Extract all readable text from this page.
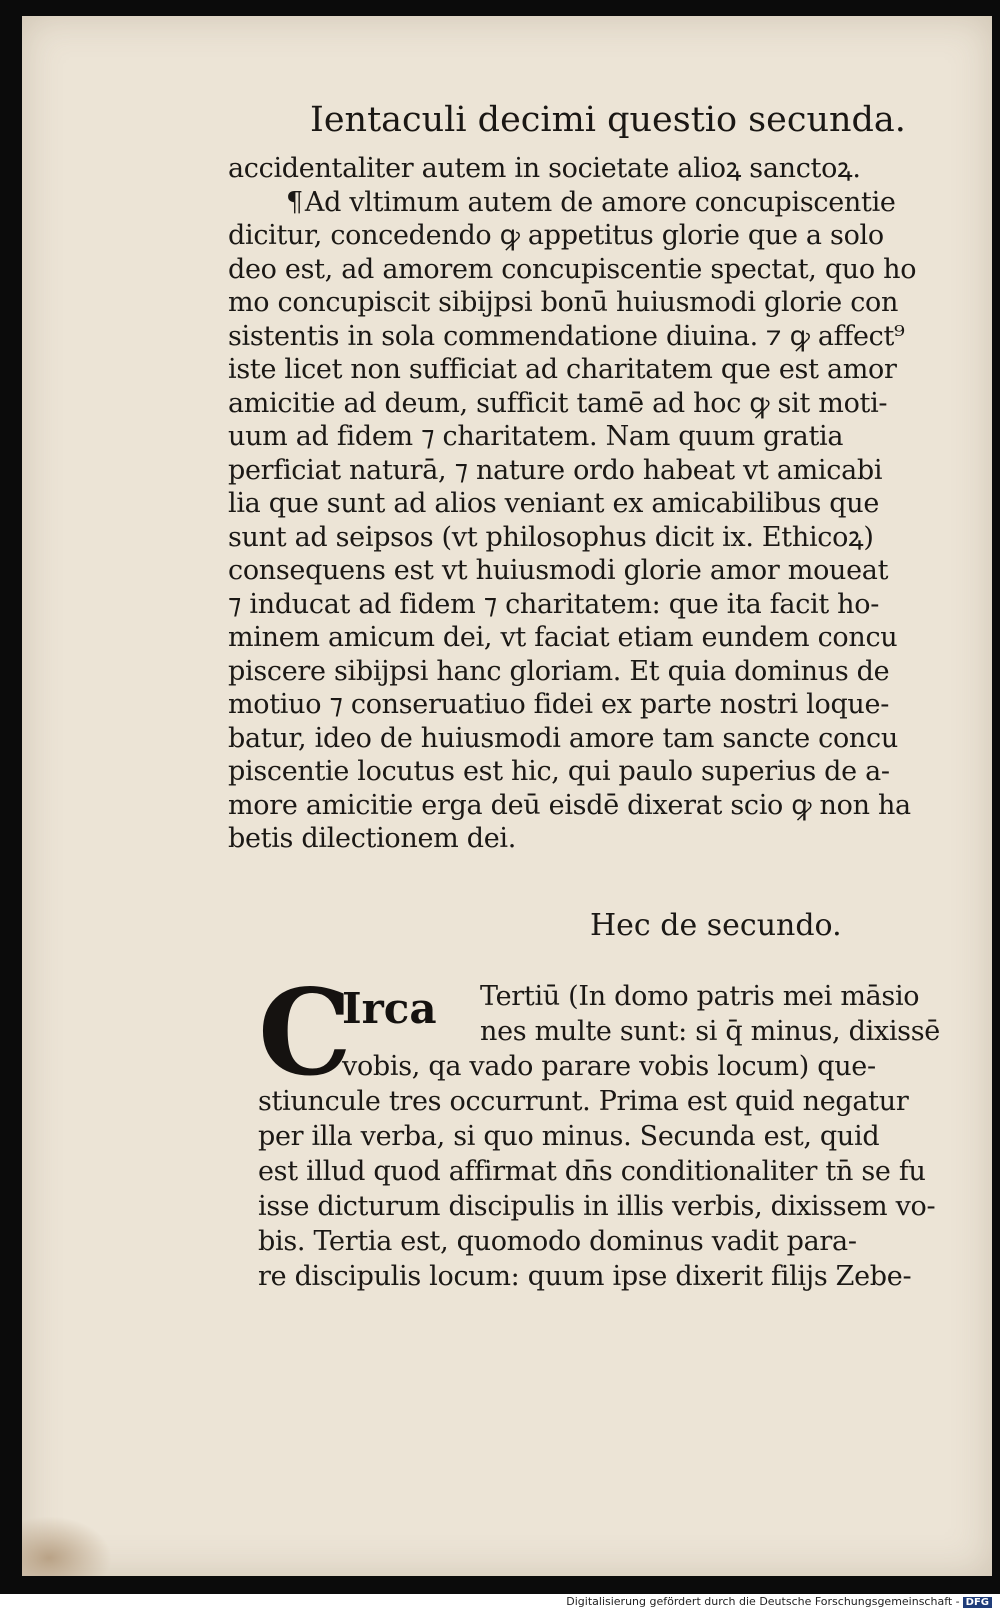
Ientaculi decimi questio secunda.
accidentaliter autem in societate alioꝝ sanctoꝝ.
¶Ad vltimum autem de amore concupiscentie
dicitur, concedendo ꝙ appetitus glorie que a solo
deo est, ad amorem concupiscentie spectat, quo ho
mo concupiscit sibijpsi bonū huiusmodi glorie con
sistentis in sola commendatione diuina. ⁊ ꝙ affect⁹
iste licet non sufficiat ad charitatem que est amor
amicitie ad deum, sufficit tamē ad hoc ꝙ sit moti-
uum ad fidem ⁊ charitatem. Nam quum gratia
perficiat naturā, ⁊ nature ordo habeat vt amicabi
lia que sunt ad alios veniant ex amicabilibus que
sunt ad seipsos (vt philosophus dicit ix. Ethicoꝝ)
consequens est vt huiusmodi glorie amor moueat
⁊ inducat ad fidem ⁊ charitatem: que ita facit ho-
minem amicum dei, vt faciat etiam eundem concu
piscere sibijpsi hanc gloriam. Et quia dominus de
motiuo ⁊ conseruatiuo fidei ex parte nostri loque-
batur, ideo de huiusmodi amore tam sancte concu
piscentie locutus est hic, qui paulo superius de a-
more amicitie erga deū eisdē dixerat scio ꝙ non ha
betis dilectionem dei.
Hec de secundo.
C
Irca Tertiū (In domo patris mei māsio
nes multe sunt: si q̄ minus, dixissē
vobis, qa vado parare vobis locum) que-
stiuncule tres occurrunt. Prima est quid negatur
per illa verba, si quo minus. Secunda est, quid
est illud quod affirmat dn̄s conditionaliter tn̄ se fu
isse dicturum discipulis in illis verbis, dixissem vo-
bis. Tertia est, quomodo dominus vadit para-
re discipulis locum: quum ipse dixerit filijs Zebe-
Digitalisierung gefördert durch die Deutsche Forschungsgemeinschaft - DFG
